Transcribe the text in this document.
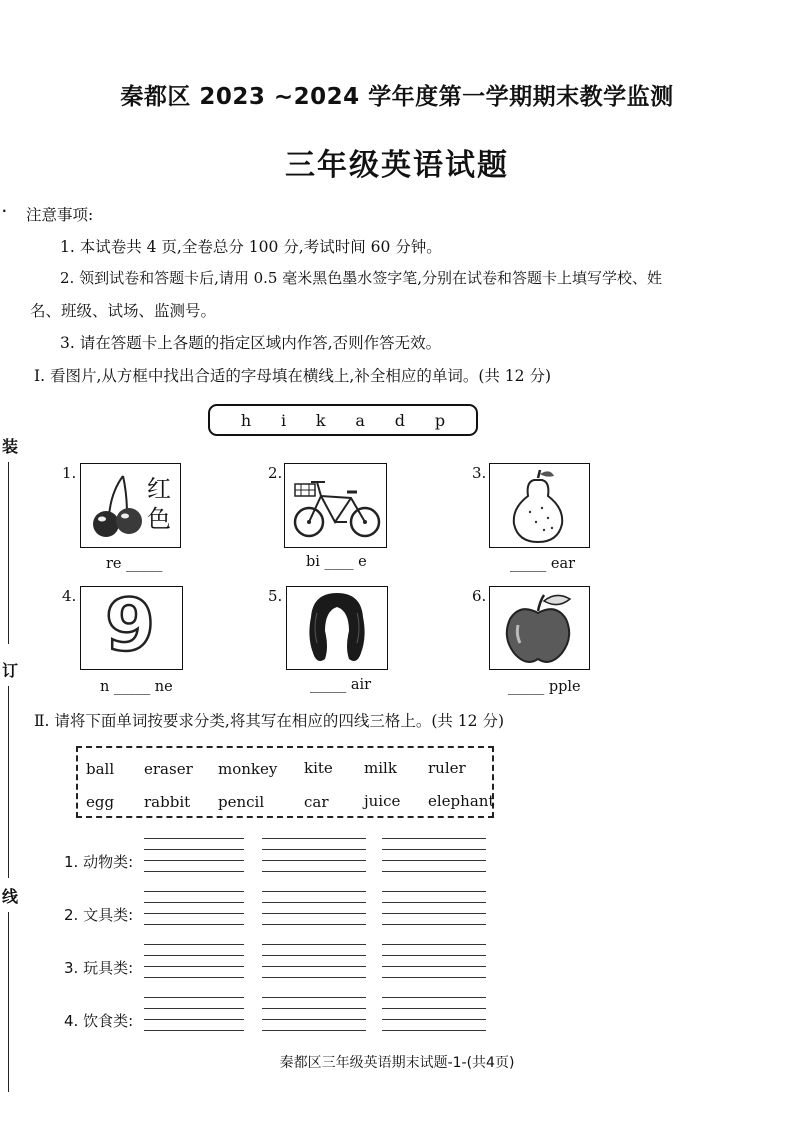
秦都区 2023 ~2024 学年度第一学期期末教学监测
三年级英语试题
·
装
订
线
注意事项:
1. 本试卷共 4 页,全卷总分 100 分,考试时间 60 分钟。
2. 领到试卷和答题卡后,请用 0.5 毫米黑色墨水签字笔,分别在试卷和答题卡上填写学校、姓
名、班级、试场、监测号。
3. 请在答题卡上各题的指定区域内作答,否则作答无效。
Ⅰ. 看图片,从方框中找出合适的字母填在横线上,补全相应的单词。(共 12 分)
h i k a d p
1.
红
色
re _____
2.
bi ____ e
3.
_____ ear
4. 9
n _____ ne
5.
_____ air
6.
_____ pple
Ⅱ. 请将下面单词按要求分类,将其写在相应的四线三格上。(共 12 分)
ball eraser monkey kite milk ruler
egg rabbit pencil	car juice elephant
1. 动物类:
2. 文具类:
3. 玩具类:
4. 饮食类:
秦都区三年级英语期末试题-1-(共4页)
